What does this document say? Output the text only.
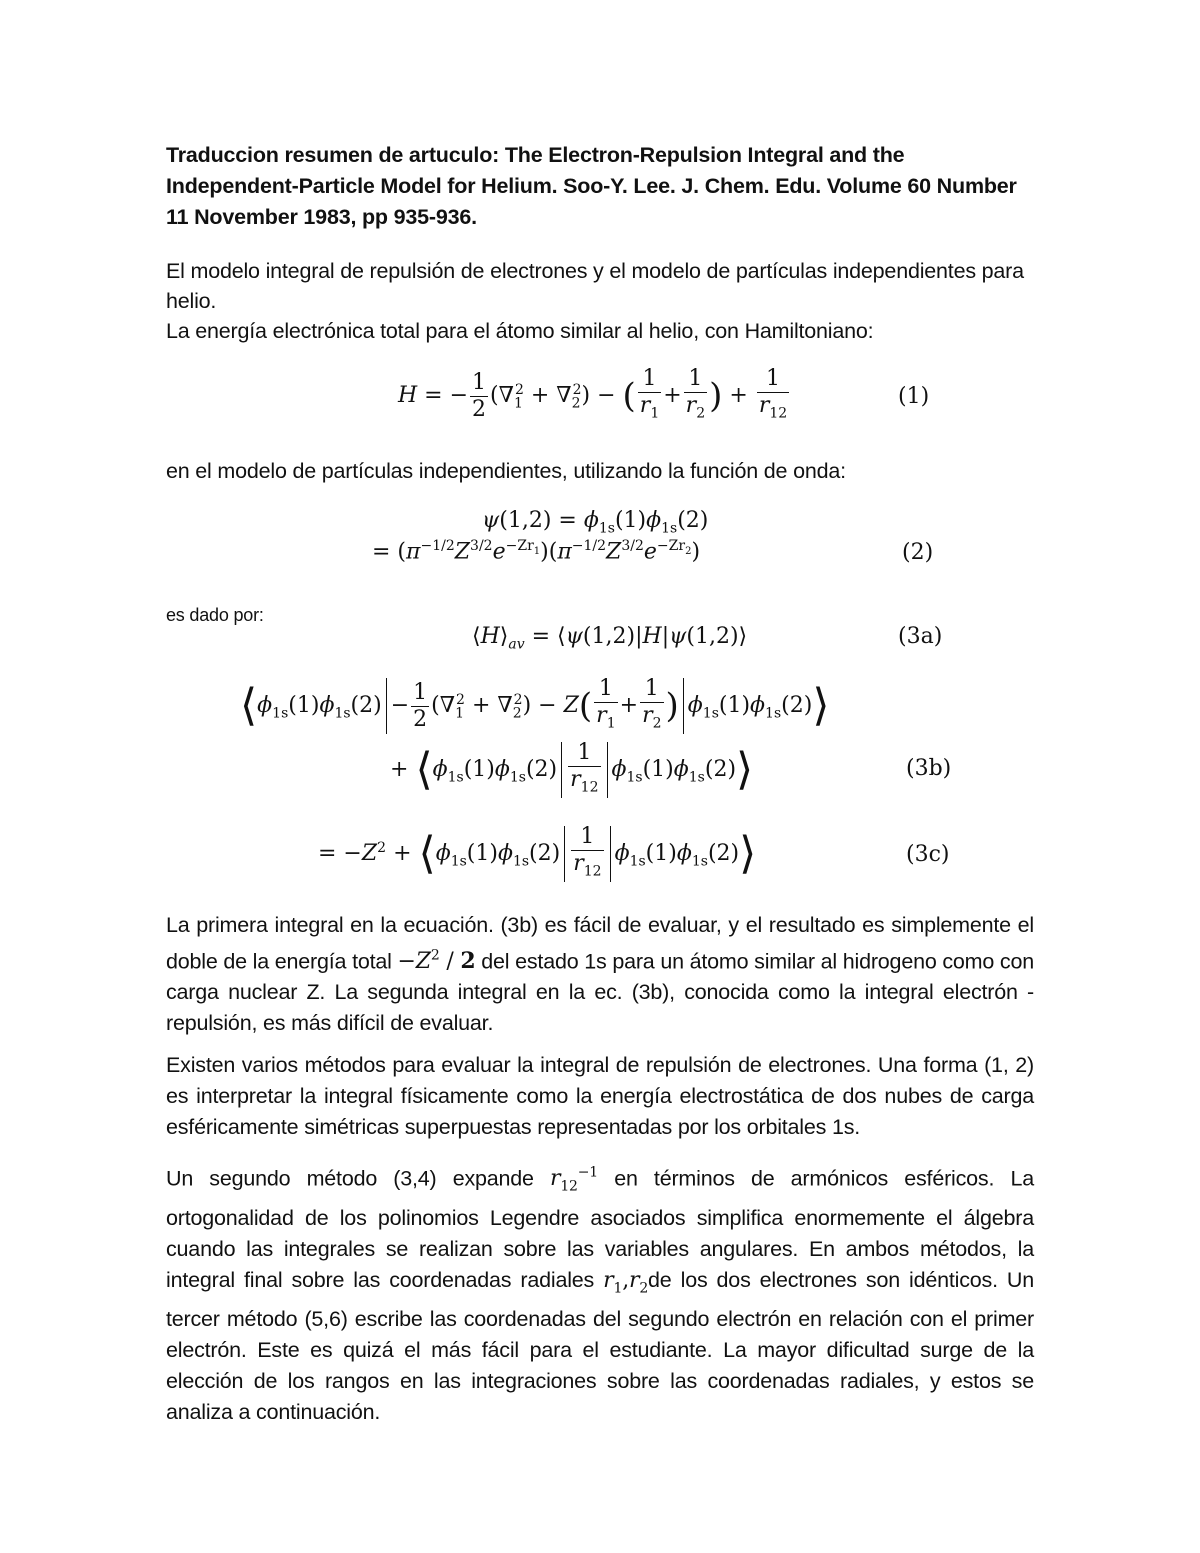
Traduccion resumen de artuculo: The Electron-Repulsion Integral and the Independent-Particle Model for Helium. Soo-Y. Lee. J. Chem. Edu. Volume 60 Number 11 November 1983, pp 935-936.
El modelo integral de repulsión de electrones y el modelo de partículas independientes para
helio.
La energía electrónica total para el átomo similar al helio, con Hamiltoniano:
H = − $\frac{1}{2} (\nabla_1^2 + \nabla_2^2)$ − ( $\frac{1}{r_1} + \frac{1}{r_2}$ ) + $\frac{1}{r_{12}}$	(1)
en el modelo de partículas independientes, utilizando la función de onda:
$\psi(1,2) = \phi_{1s}(1)\phi_{1s}(2)$
= $(\pi^{-1/2}Z^{3/2}e^{-Zr_1})(\pi^{-1/2}Z^{3/2}e^{-Zr_2})$	(2)
es dado por:
$⟨H⟩_{av}$ = ⟨ψ(1,2)|H|ψ(1,2)⟩	(3a)
$⟨\phi_{1s}(1)\phi_{1s}(2) - \frac{1}{2} (\nabla_1^2 + \nabla_2^2) - Z( \frac{1}{r_1} + \frac{1}{r_2}$ ) $\phi_{1s}(1)\phi_{1s}(2)⟩$
+ $⟨\phi_{1s}(1)\phi_{1s}(2) \frac{1}{r_{12}}$ $\phi_{1s}(1)\phi_{1s}(2)⟩$	(3b)
= $-Z^2$ + $⟨\phi_{1s}(1)\phi_{1s}(2) \frac{1}{r_{12}}$ $\phi_{1s}(1)\phi_{1s}(2)⟩$	(3c)
La primera integral en la ecuación. (3b) es fácil de evaluar, y el resultado es simplemente el doble de la energía total $-Z^2 / 2$ del estado 1s para un átomo similar al hidrogeno como con carga nuclear Z. La segunda integral en la ec. (3b), conocida como la integral electrón - repulsión, es más difícil de evaluar.
Existen varios métodos para evaluar la integral de repulsión de electrones. Una forma (1, 2) es interpretar la integral físicamente como la energía electrostática de dos nubes de carga esféricamente simétricas superpuestas representadas por los orbitales 1s.
Un segundo método (3,4) expande $r_{12}^{-1}$ en términos de armónicos esféricos. La ortogonalidad de los polinomios Legendre asociados simplifica enormemente el álgebra cuando las integrales se realizan sobre las variables angulares. En ambos métodos, la integral final sobre las coordenadas radiales $r_1,r_2de$ los dos electrones son idénticos. Un tercer método (5,6) escribe las coordenadas del segundo electrón en relación con el primer electrón. Este es quizá el más fácil para el estudiante. La mayor dificultad surge de la elección de los rangos en las integraciones sobre las coordenadas radiales, y estos se analiza a continuación.
